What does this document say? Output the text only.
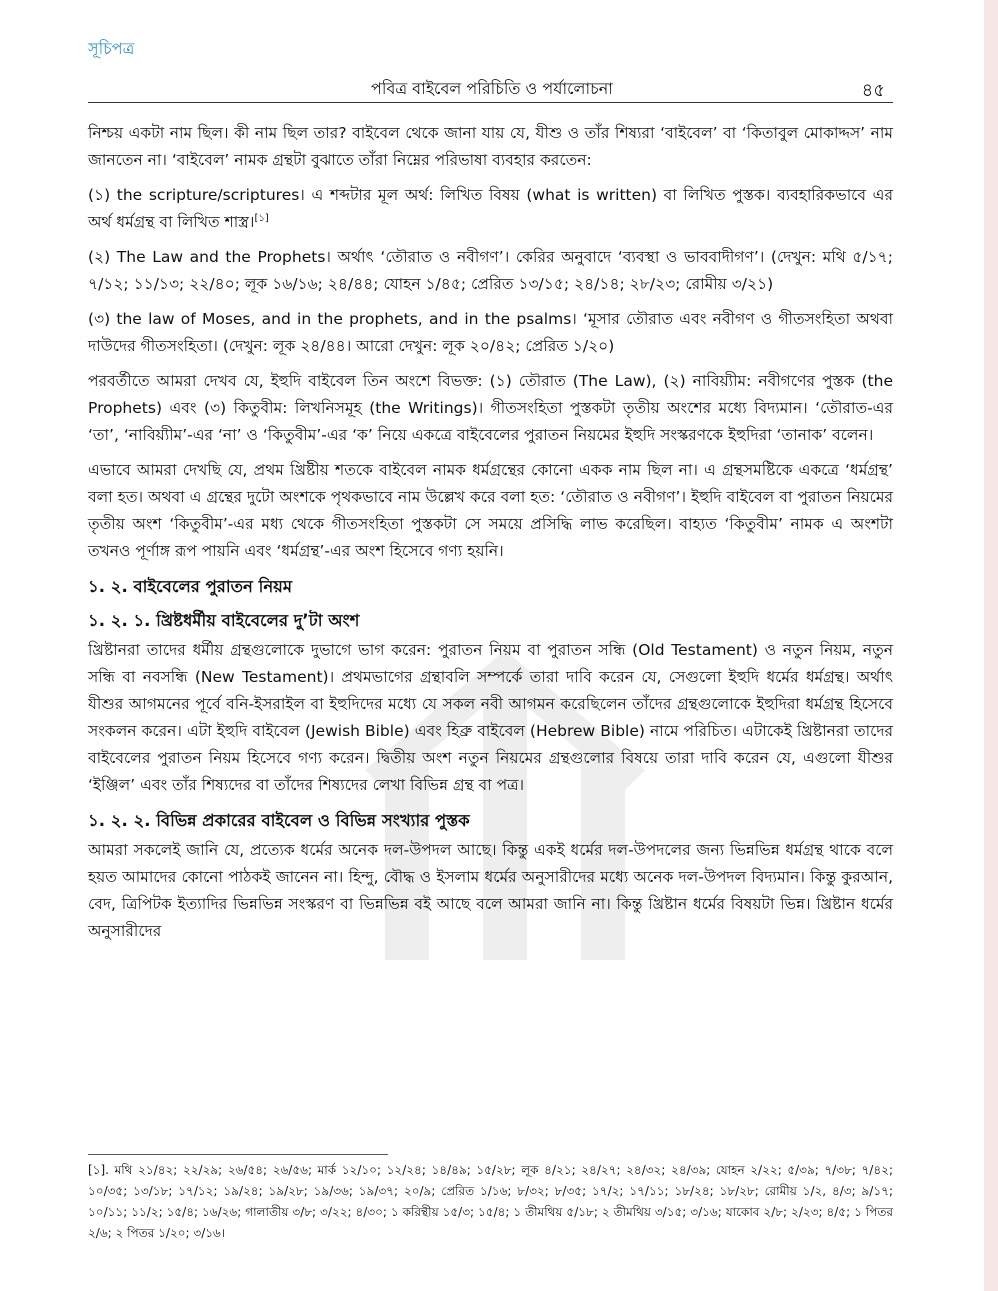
সূচিপত্র
পবিত্র বাইবেল পরিচিতি ও পর্যালোচনা	৪৫

নিশ্চয় একটা নাম ছিল। কী নাম ছিল তার? বাইবেল থেকে জানা যায় যে, যীশু ও তাঁর শিষ্যরা ‘বাইবেল’ বা ‘কিতাবুল মোকাদ্দস’ নাম জানতেন না। ‘বাইবেল’ নামক গ্রন্থটা বুঝাতে তাঁরা নিম্নের পরিভাষা ব্যবহার করতেন:

(১) the scripture/scriptures। এ শব্দটার মূল অর্থ: লিখিত বিষয় (what is written) বা লিখিত পুস্তক। ব্যবহারিকভাবে এর অর্থ ধর্মগ্রন্থ বা লিখিত শাস্ত্র।[১]

(২) The Law and the Prophets। অর্থাৎ ‘তৌরাত ও নবীগণ’। কেরির অনুবাদে ‘ব্যবস্থা ও ভাববাদীগণ’। (দেখুন: মথি ৫/১৭; ৭/১২; ১১/১৩; ২২/৪০; লূক ১৬/১৬; ২৪/৪৪; যোহন ১/৪৫; প্রেরিত ১৩/১৫; ২৪/১৪; ২৮/২৩; রোমীয় ৩/২১)

(৩) the law of Moses, and in the prophets, and in the psalms। ‘মূসার তৌরাত এবং নবীগণ ও গীতসংহিতা অথবা দাউদের গীতসংহিতা। (দেখুন: লূক ২৪/৪৪। আরো দেখুন: লূক ২০/৪২; প্রেরিত ১/২০)

পরবর্তীতে আমরা দেখব যে, ইহুদি বাইবেল তিন অংশে বিভক্ত: (১) তৌরাত (The Law), (২) নাবিয়্যীম: নবীগণের পুস্তক (the Prophets) এবং (৩) কিতুবীম: লিখনিসমূহ (the Writings)। গীতসংহিতা পুস্তকটা তৃতীয় অংশের মধ্যে বিদ্যমান। ‘তৌরাত-এর ‘তা’, ‘নাবিয়্যীম’-এর ‘না’ ও ‘কিতুবীম’-এর ‘ক’ নিয়ে একত্রে বাইবেলের পুরাতন নিয়মের ইহুদি সংস্করণকে ইহুদিরা ‘তানাক’ বলেন।

এভাবে আমরা দেখছি যে, প্রথম খ্রিষ্টীয় শতকে বাইবেল নামক ধর্মগ্রন্থের কোনো একক নাম ছিল না। এ গ্রন্থসমষ্টিকে একত্রে ‘ধর্মগ্রন্থ’ বলা হত। অথবা এ গ্রন্থের দুটো অংশকে পৃথকভাবে নাম উল্লেখ করে বলা হত: ‘তৌরাত ও নবীগণ’। ইহুদি বাইবেল বা পুরাতন নিয়মের তৃতীয় অংশ ‘কিতুবীম’-এর মধ্য থেকে গীতসংহিতা পুস্তকটা সে সময়ে প্রসিদ্ধি লাভ করেছিল। বাহ্যত ‘কিতুবীম’ নামক এ অংশটা তখনও পূর্ণাঙ্গ রূপ পায়নি এবং ‘ধর্মগ্রন্থ’-এর অংশ হিসেবে গণ্য হয়নি।

১. ২. বাইবেলের পুরাতন নিয়ম
১. ২. ১. খ্রিষ্টধর্মীয় বাইবেলের দু’টা অংশ

খ্রিষ্টানরা তাদের ধর্মীয় গ্রন্থগুলোকে দুভাগে ভাগ করেন: পুরাতন নিয়ম বা পুরাতন সন্ধি (Old Testament) ও নতুন নিয়ম, নতুন সন্ধি বা নবসন্ধি (New Testament)। প্রথমভাগের গ্রন্থাবলি সম্পর্কে তারা দাবি করেন যে, সেগুলো ইহুদি ধর্মের ধর্মগ্রন্থ। অর্থাৎ যীশুর আগমনের পূর্বে বনি-ইসরাইল বা ইহুদিদের মধ্যে যে সকল নবী আগমন করেছিলেন তাঁদের গ্রন্থগুলোকে ইহুদিরা ধর্মগ্রন্থ হিসেবে সংকলন করেন। এটা ইহুদি বাইবেল (Jewish Bible) এবং হিব্রু বাইবেল (Hebrew Bible) নামে পরিচিত। এটাকেই খ্রিষ্টানরা তাদের বাইবেলের পুরাতন নিয়ম হিসেবে গণ্য করেন। দ্বিতীয় অংশ নতুন নিয়মের গ্রন্থগুলোর বিষয়ে তারা দাবি করেন যে, এগুলো যীশুর ‘ইঞ্জিল’ এবং তাঁর শিষ্যদের বা তাঁদের শিষ্যদের লেখা বিভিন্ন গ্রন্থ বা পত্র।

১. ২. ২. বিভিন্ন প্রকারের বাইবেল ও বিভিন্ন সংখ্যার পুস্তক

আমরা সকলেই জানি যে, প্রত্যেক ধর্মের অনেক দল-উপদল আছে। কিন্তু একই ধর্মের দল-উপদলের জন্য ভিন্নভিন্ন ধর্মগ্রন্থ থাকে বলে হয়ত আমাদের কোনো পাঠকই জানেন না। হিন্দু, বৌদ্ধ ও ইসলাম ধর্মের অনুসারীদের মধ্যে অনেক দল-উপদল বিদ্যমান। কিন্তু কুরআন, বেদ, ত্রিপিটক ইত্যাদির ভিন্নভিন্ন সংস্করণ বা ভিন্নভিন্ন বই আছে বলে আমরা জানি না। কিন্তু খ্রিষ্টান ধর্মের বিষয়টা ভিন্ন। খ্রিষ্টান ধর্মের অনুসারীদের

[১]. মথি ২১/৪২; ২২/২৯; ২৬/৫৪; ২৬/৫৬; মার্ক ১২/১০; ১২/২৪; ১৪/৪৯; ১৫/২৮; লূক ৪/২১; ২৪/২৭; ২৪/৩২; ২৪/৩৯; যোহন ২/২২; ৫/৩৯; ৭/৩৮; ৭/৪২; ১০/৩৫; ১৩/১৮; ১৭/১২; ১৯/২৪; ১৯/২৮; ১৯/৩৬; ১৯/৩৭; ২০/৯; প্রেরিত ১/১৬; ৮/৩২; ৮/৩৫; ১৭/২; ১৭/১১; ১৮/২৪; ১৮/২৮; রোমীয় ১/২, ৪/৩; ৯/১৭; ১০/১১; ১১/২; ১৫/৪; ১৬/২৬; গালাতীয় ৩/৮; ৩/২২; ৪/৩০; ১ করিন্থীয় ১৫/৩; ১৫/৪; ১ তীমথিয় ৫/১৮; ২ তীমথিয় ৩/১৫; ৩/১৬; যাকোব ২/৮; ২/২৩; ৪/৫; ১ পিতর ২/৬; ২ পিতর ১/২০; ৩/১৬।
